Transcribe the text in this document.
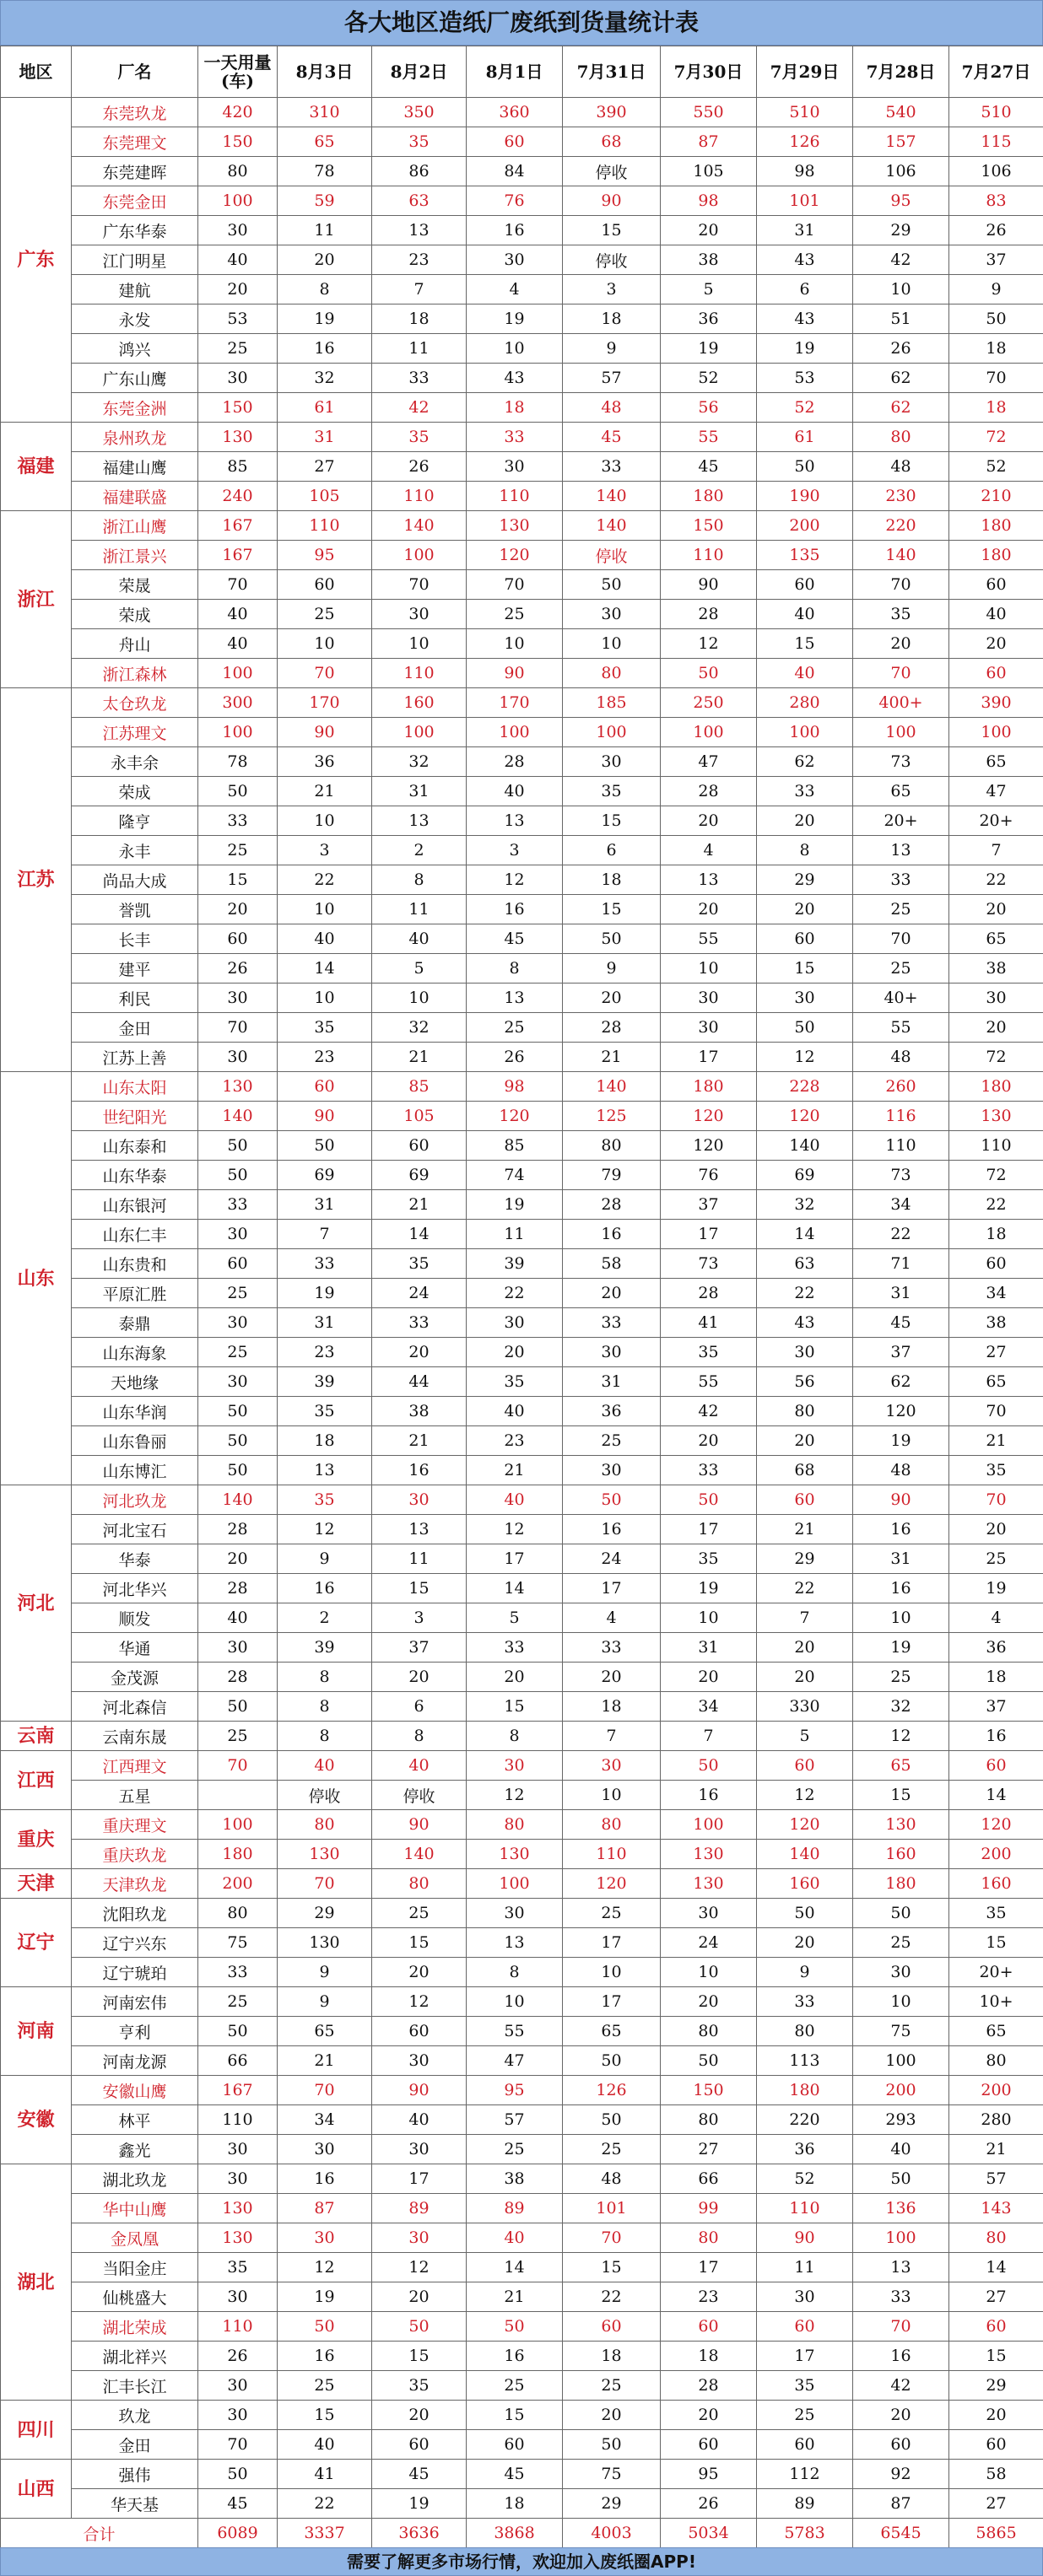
各大地区造纸厂废纸到货量统计表
地区	厂名	一天用量(车)	8月3日	8月2日	8月1日	7月31日	7月30日	7月29日	7月28日	7月27日
广东	东莞玖龙	420	310	350	360	390	550	510	540	510
	东莞理文	150	65	35	60	68	87	126	157	115
	东莞建晖	80	78	86	84	停收	105	98	106	106
	东莞金田	100	59	63	76	90	98	101	95	83
	广东华泰	30	11	13	16	15	20	31	29	26
	江门明星	40	20	23	30	停收	38	43	42	37
	建航	20	8	7	4	3	5	6	10	9
	永发	53	19	18	19	18	36	43	51	50
	鸿兴	25	16	11	10	9	19	19	26	18
	广东山鹰	30	32	33	43	57	52	53	62	70
	东莞金洲	150	61	42	18	48	56	52	62	18
福建	泉州玖龙	130	31	35	33	45	55	61	80	72
	福建山鹰	85	27	26	30	33	45	50	48	52
	福建联盛	240	105	110	110	140	180	190	230	210
浙江	浙江山鹰	167	110	140	130	140	150	200	220	180
	浙江景兴	167	95	100	120	停收	110	135	140	180
	荣晟	70	60	70	70	50	90	60	70	60
	荣成	40	25	30	25	30	28	40	35	40
	舟山	40	10	10	10	10	12	15	20	20
	浙江森林	100	70	110	90	80	50	40	70	60
江苏	太仓玖龙	300	170	160	170	185	250	280	400+	390
	江苏理文	100	90	100	100	100	100	100	100	100
	永丰余	78	36	32	28	30	47	62	73	65
	荣成	50	21	31	40	35	28	33	65	47
	隆亨	33	10	13	13	15	20	20	20+	20+
	永丰	25	3	2	3	6	4	8	13	7
	尚品大成	15	22	8	12	18	13	29	33	22
	誉凯	20	10	11	16	15	20	20	25	20
	长丰	60	40	40	45	50	55	60	70	65
	建平	26	14	5	8	9	10	15	25	38
	利民	30	10	10	13	20	30	30	40+	30
	金田	70	35	32	25	28	30	50	55	20
	江苏上善	30	23	21	26	21	17	12	48	72
山东	山东太阳	130	60	85	98	140	180	228	260	180
	世纪阳光	140	90	105	120	125	120	120	116	130
	山东泰和	50	50	60	85	80	120	140	110	110
	山东华泰	50	69	69	74	79	76	69	73	72
	山东银河	33	31	21	19	28	37	32	34	22
	山东仁丰	30	7	14	11	16	17	14	22	18
	山东贵和	60	33	35	39	58	73	63	71	60
	平原汇胜	25	19	24	22	20	28	22	31	34
	泰鼎	30	31	33	30	33	41	43	45	38
	山东海象	25	23	20	20	30	35	30	37	27
	天地缘	30	39	44	35	31	55	56	62	65
	山东华润	50	35	38	40	36	42	80	120	70
	山东鲁丽	50	18	21	23	25	20	20	19	21
	山东博汇	50	13	16	21	30	33	68	48	35
河北	河北玖龙	140	35	30	40	50	50	60	90	70
	河北宝石	28	12	13	12	16	17	21	16	20
	华泰	20	9	11	17	24	35	29	31	25
	河北华兴	28	16	15	14	17	19	22	16	19
	顺发	40	2	3	5	4	10	7	10	4
	华通	30	39	37	33	33	31	20	19	36
	金茂源	28	8	20	20	20	20	20	25	18
	河北森信	50	8	6	15	18	34	330	32	37
云南	云南东晟	25	8	8	8	7	7	5	12	16
江西	江西理文	70	40	40	30	30	50	60	65	60
	五星		停收	停收	12	10	16	12	15	14
重庆	重庆理文	100	80	90	80	80	100	120	130	120
	重庆玖龙	180	130	140	130	110	130	140	160	200
天津	天津玖龙	200	70	80	100	120	130	160	180	160
辽宁	沈阳玖龙	80	29	25	30	25	30	50	50	35
	辽宁兴东	75	130	15	13	17	24	20	25	15
	辽宁琥珀	33	9	20	8	10	10	9	30	20+
河南	河南宏伟	25	9	12	10	17	20	33	10	10+
	亨利	50	65	60	55	65	80	80	75	65
	河南龙源	66	21	30	47	50	50	113	100	80
安徽	安徽山鹰	167	70	90	95	126	150	180	200	200
	林平	110	34	40	57	50	80	220	293	280
	鑫光	30	30	30	25	25	27	36	40	21
湖北	湖北玖龙	30	16	17	38	48	66	52	50	57
	华中山鹰	130	87	89	89	101	99	110	136	143
	金凤凰	130	30	30	40	70	80	90	100	80
	当阳金庄	35	12	12	14	15	17	11	13	14
	仙桃盛大	30	19	20	21	22	23	30	33	27
	湖北荣成	110	50	50	50	60	60	60	70	60
	湖北祥兴	26	16	15	16	18	18	17	16	15
	汇丰长江	30	25	35	25	25	28	35	42	29
四川	玖龙	30	15	20	15	20	20	25	20	20
	金田	70	40	60	60	50	60	60	60	60
山西	强伟	50	41	45	45	75	95	112	92	58
	华天基	45	22	19	18	29	26	89	87	27
合计		6089	3337	3636	3868	4003	5034	5783	6545	5865
需要了解更多市场行情，欢迎加入废纸圈APP!
